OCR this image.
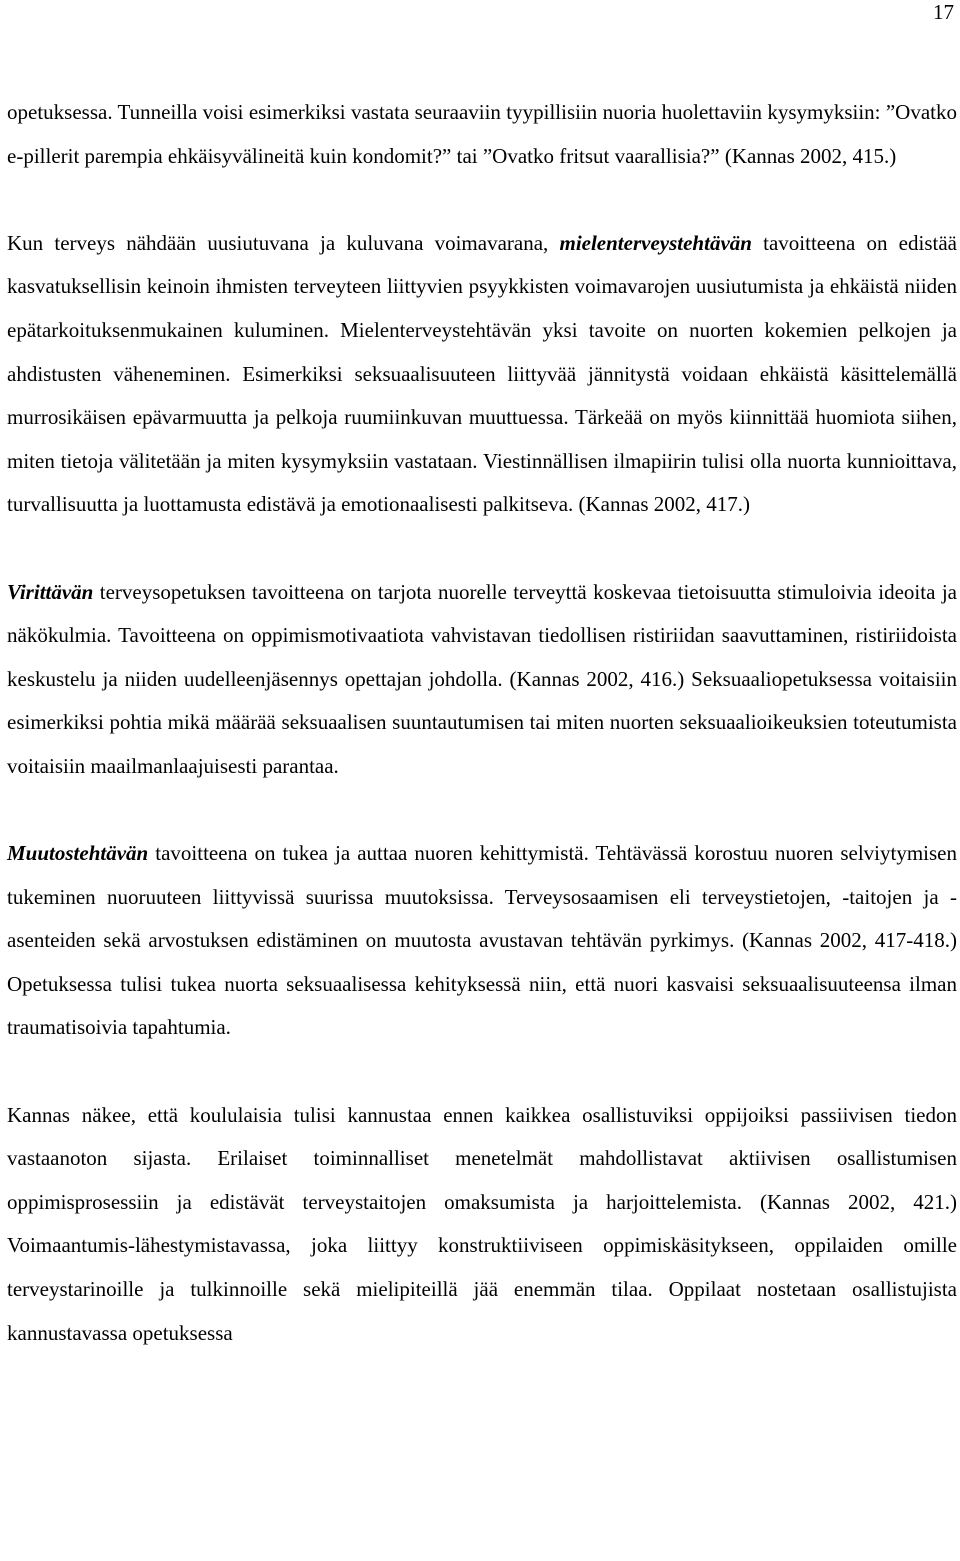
17

opetuksessa. Tunneilla voisi esimerkiksi vastata seuraaviin tyypillisiin nuoria huolettaviin kysymyksiin: ”Ovatko e-pillerit parempia ehkäisyvälineitä kuin kondomit?” tai ”Ovatko fritsut vaarallisia?” (Kannas 2002, 415.)

Kun terveys nähdään uusiutuvana ja kuluvana voimavarana, mielenterveystehtävän tavoitteena on edistää kasvatuksellisin keinoin ihmisten terveyteen liittyvien psyykkisten voimavarojen uusiutumista ja ehkäistä niiden epätarkoituksenmukainen kuluminen. Mielenterveystehtävän yksi tavoite on nuorten kokemien pelkojen ja ahdistusten väheneminen. Esimerkiksi seksuaalisuuteen liittyvää jännitystä voidaan ehkäistä käsittelemällä murrosikäisen epävarmuutta ja pelkoja ruumiinkuvan muuttuessa. Tärkeää on myös kiinnittää huomiota siihen, miten tietoja välitetään ja miten kysymyksiin vastataan. Viestinnällisen ilmapiirin tulisi olla nuorta kunnioittava, turvallisuutta ja luottamusta edistävä ja emotionaalisesti palkitseva. (Kannas 2002, 417.)

Virittävän terveysopetuksen tavoitteena on tarjota nuorelle terveyttä koskevaa tietoisuutta stimuloivia ideoita ja näkökulmia. Tavoitteena on oppimismotivaatiota vahvistavan tiedollisen ristiriidan saavuttaminen, ristiriidoista keskustelu ja niiden uudelleenjäsennys opettajan johdolla. (Kannas 2002, 416.) Seksuaaliopetuksessa voitaisiin esimerkiksi pohtia mikä määrää seksuaalisen suuntautumisen tai miten nuorten seksuaalioikeuksien toteutumista voitaisiin maailmanlaajuisesti parantaa.

Muutostehtävän tavoitteena on tukea ja auttaa nuoren kehittymistä. Tehtävässä korostuu nuoren selviytymisen tukeminen nuoruuteen liittyvissä suurissa muutoksissa. Terveysosaamisen eli terveystietojen, -taitojen ja -asenteiden sekä arvostuksen edistäminen on muutosta avustavan tehtävän pyrkimys. (Kannas 2002, 417-418.) Opetuksessa tulisi tukea nuorta seksuaalisessa kehityksessä niin, että nuori kasvaisi seksuaalisuuteensa ilman traumatisoivia tapahtumia.

Kannas näkee, että koululaisia tulisi kannustaa ennen kaikkea osallistuviksi oppijoiksi passiivisen tiedon vastaanoton sijasta. Erilaiset toiminnalliset menetelmät mahdollistavat aktiivisen osallistumisen oppimisprosessiin ja edistävät terveystaitojen omaksumista ja harjoittelemista. (Kannas 2002, 421.) Voimaantumis-lähestymistavassa, joka liittyy konstruktiiviseen oppimiskäsitykseen, oppilaiden omille terveystarinoille ja tulkinnoille sekä mielipiteillä jää enemmän tilaa. Oppilaat nostetaan osallistujista kannustavassa opetuksessa
